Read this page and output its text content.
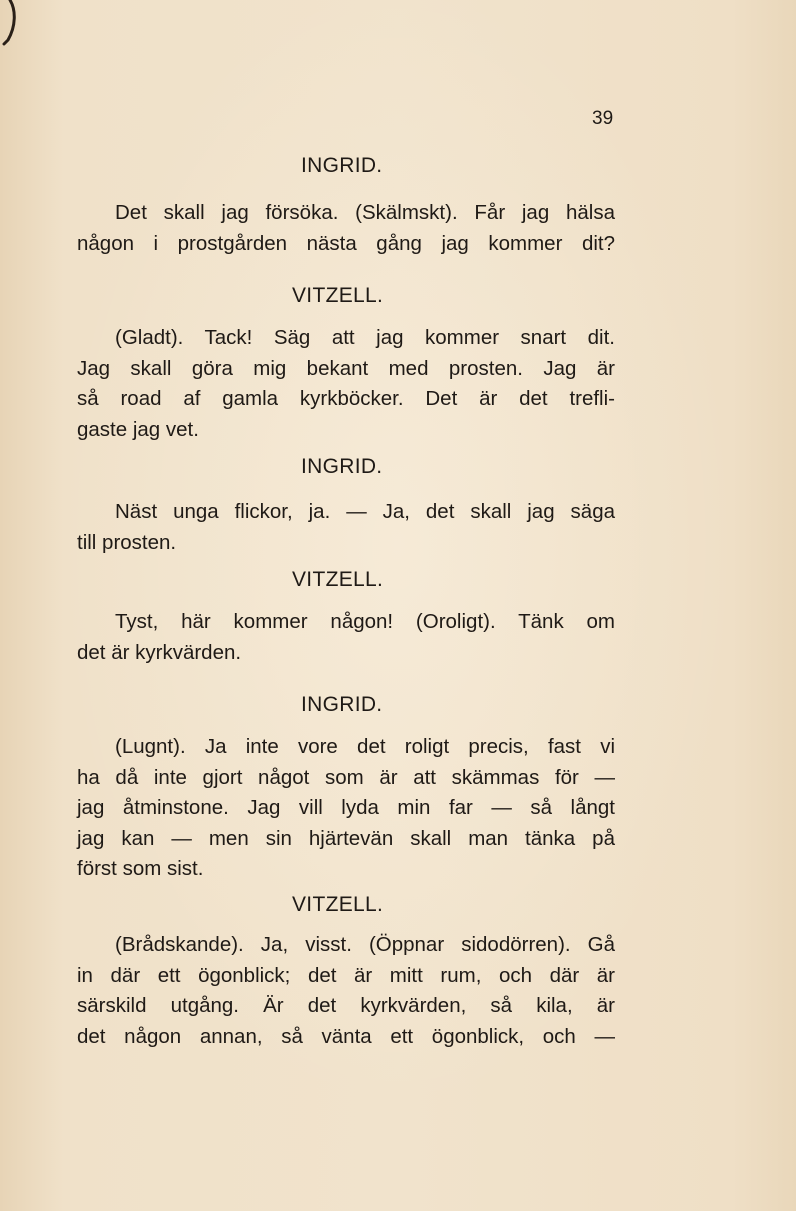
39
INGRID.
Det skall jag försöka. (Skälmskt). Får jag hälsa
någon i prostgården nästa gång jag kommer dit?
VITZELL.
(Gladt). Tack! Säg att jag kommer snart dit.
Jag skall göra mig bekant med prosten. Jag är
så road af gamla kyrkböcker. Det är det trefli-
gaste jag vet.
INGRID.
Näst unga flickor, ja. — Ja, det skall jag säga
till prosten.
VITZELL.
Tyst, här kommer någon! (Oroligt). Tänk om
det är kyrkvärden.
INGRID.
(Lugnt). Ja inte vore det roligt precis, fast vi
ha då inte gjort något som är att skämmas för —
jag åtminstone. Jag vill lyda min far — så långt
jag kan — men sin hjärtevän skall man tänka på
först som sist.
VITZELL.
(Brådskande). Ja, visst. (Öppnar sidodörren). Gå
in där ett ögonblick; det är mitt rum, och där är
särskild utgång. Är det kyrkvärden, så kila, är
det någon annan, så vänta ett ögonblick, och —
